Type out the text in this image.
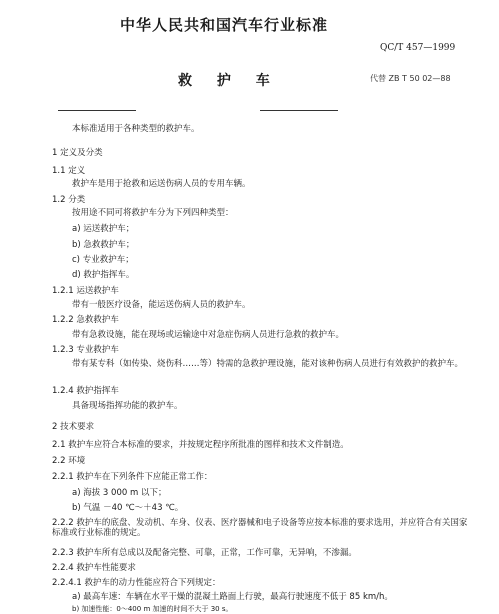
中华人民共和国汽车行业标准
QC/T 457—1999
救 护 车	代替 ZB T 50 02—88
本标准适用于各种类型的救护车。
1 定义及分类
1.1 定义
救护车是用于抢救和运送伤病人员的专用车辆。
1.2 分类
按用途不同可将救护车分为下列四种类型：
a) 运送救护车；
b) 急救救护车；
c) 专业救护车；
d) 救护指挥车。
1.2.1 运送救护车
带有一般医疗设备，能运送伤病人员的救护车。
1.2.2 急救救护车
带有急救设施，能在现场或运输途中对急症伤病人员进行急救的救护车。
1.2.3 专业救护车
带有某专科（如传染、烧伤科……等）特需的急救护理设施，能对该种伤病人员进行有效救护的救护车。
1.2.4 救护指挥车
具备现场指挥功能的救护车。
2 技术要求
2.1 救护车应符合本标准的要求，并按规定程序所批准的图样和技术文件制造。
2.2 环境
2.2.1 救护车在下列条件下应能正常工作：
a) 海拔 3 000 m 以下；
b) 气温 －40 ℃～＋43 ℃。
2.2.2 救护车的底盘、发动机、车身、仪表、医疗器械和电子设备等应按本标准的要求选用，并应符合有关国家标准或行业标准的规定。
2.2.3 救护车所有总成以及配备完整、可靠，正常，工作可靠，无异响，不渗漏。
2.2.4 救护车性能要求
2.2.4.1 救护车的动力性能应符合下列规定：
a) 最高车速：车辆在水平干燥的混凝土路面上行驶，最高行驶速度不低于 85 km/h。
b) 加速性能：0～400 m 加速的时间不大于 30 s。
